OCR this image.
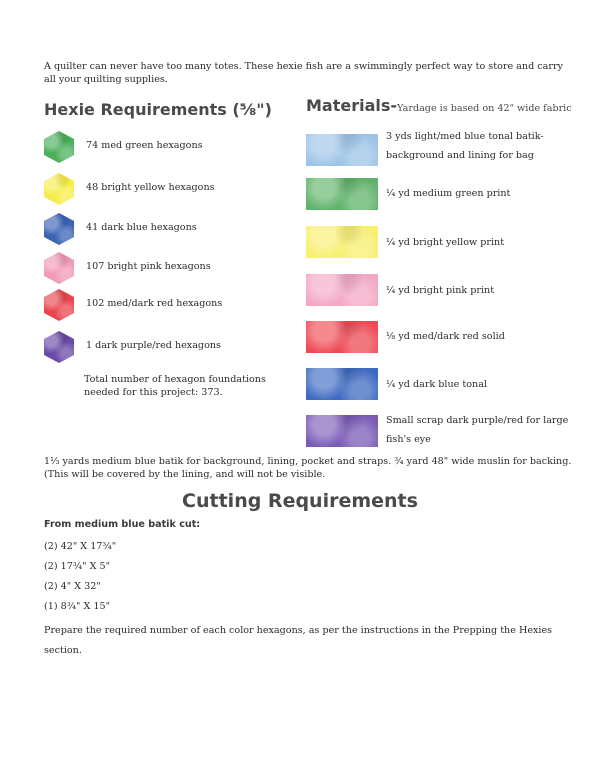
A quilter can never have too many totes. These hexie fish are a swimmingly perfect way to store and carry all your quilting supplies.
Hexie Requirements (⅝")
74 med green hexagons
48 bright yellow hexagons
41 dark blue hexagons
107 bright pink hexagons
102 med/dark red hexagons
1 dark purple/red hexagons
Total number of hexagon foundations needed for this project: 373.
Materials-Yardage is based on 42" wide fabric
3 yds light/med blue tonal batik- background and lining for bag
¼ yd medium green print
¼ yd bright yellow print
¼ yd bright pink print
⅛ yd med/dark red solid
¼ yd dark blue tonal
Small scrap dark purple/red for large fish's eye
1⅓ yards medium blue batik for background, lining, pocket and straps. ¾ yard 48" wide muslin for backing. (This will be covered by the lining, and will not be visible.
Cutting Requirements
From medium blue batik cut:
(2) 42" X 17¾"
(2) 17¾" X 5"
(2) 4" X 32"
(1) 8¾" X 15"
Prepare the required number of each color hexagons, as per the instructions in the Prepping the Hexies section.
